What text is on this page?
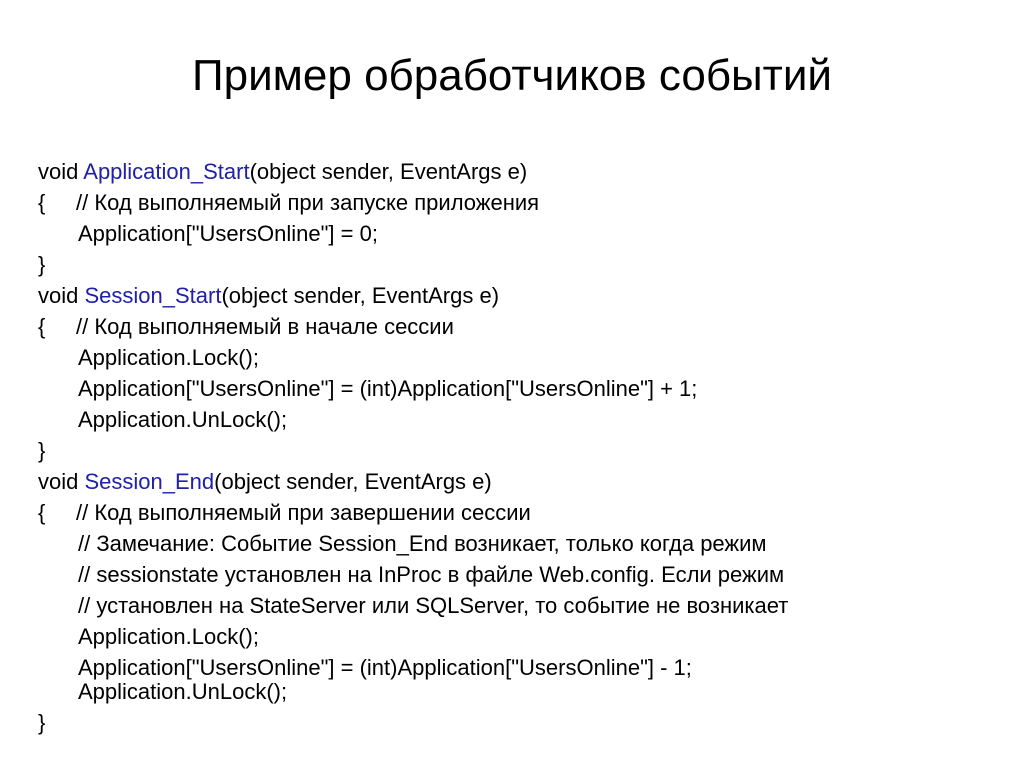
Пример обработчиков событий
void Application_Start(object sender, EventArgs e)
{ // Код выполняемый при запуске приложения
Application["UsersOnline"] = 0;
}
void Session_Start(object sender, EventArgs e)
{ // Код выполняемый в начале сессии
Application.Lock();
Application["UsersOnline"] = (int)Application["UsersOnline"] + 1;
Application.UnLock();
}
void Session_End(object sender, EventArgs e)
{ // Код выполняемый при завершении сессии
// Замечание: Событие Session_End возникает, только когда режим
// sessionstate установлен на InProc в файле Web.config. Если режим
// установлен на StateServer или SQLServer, то событие не возникает
Application.Lock();
Application["UsersOnline"] = (int)Application["UsersOnline"] - 1;
Application.UnLock();
}
